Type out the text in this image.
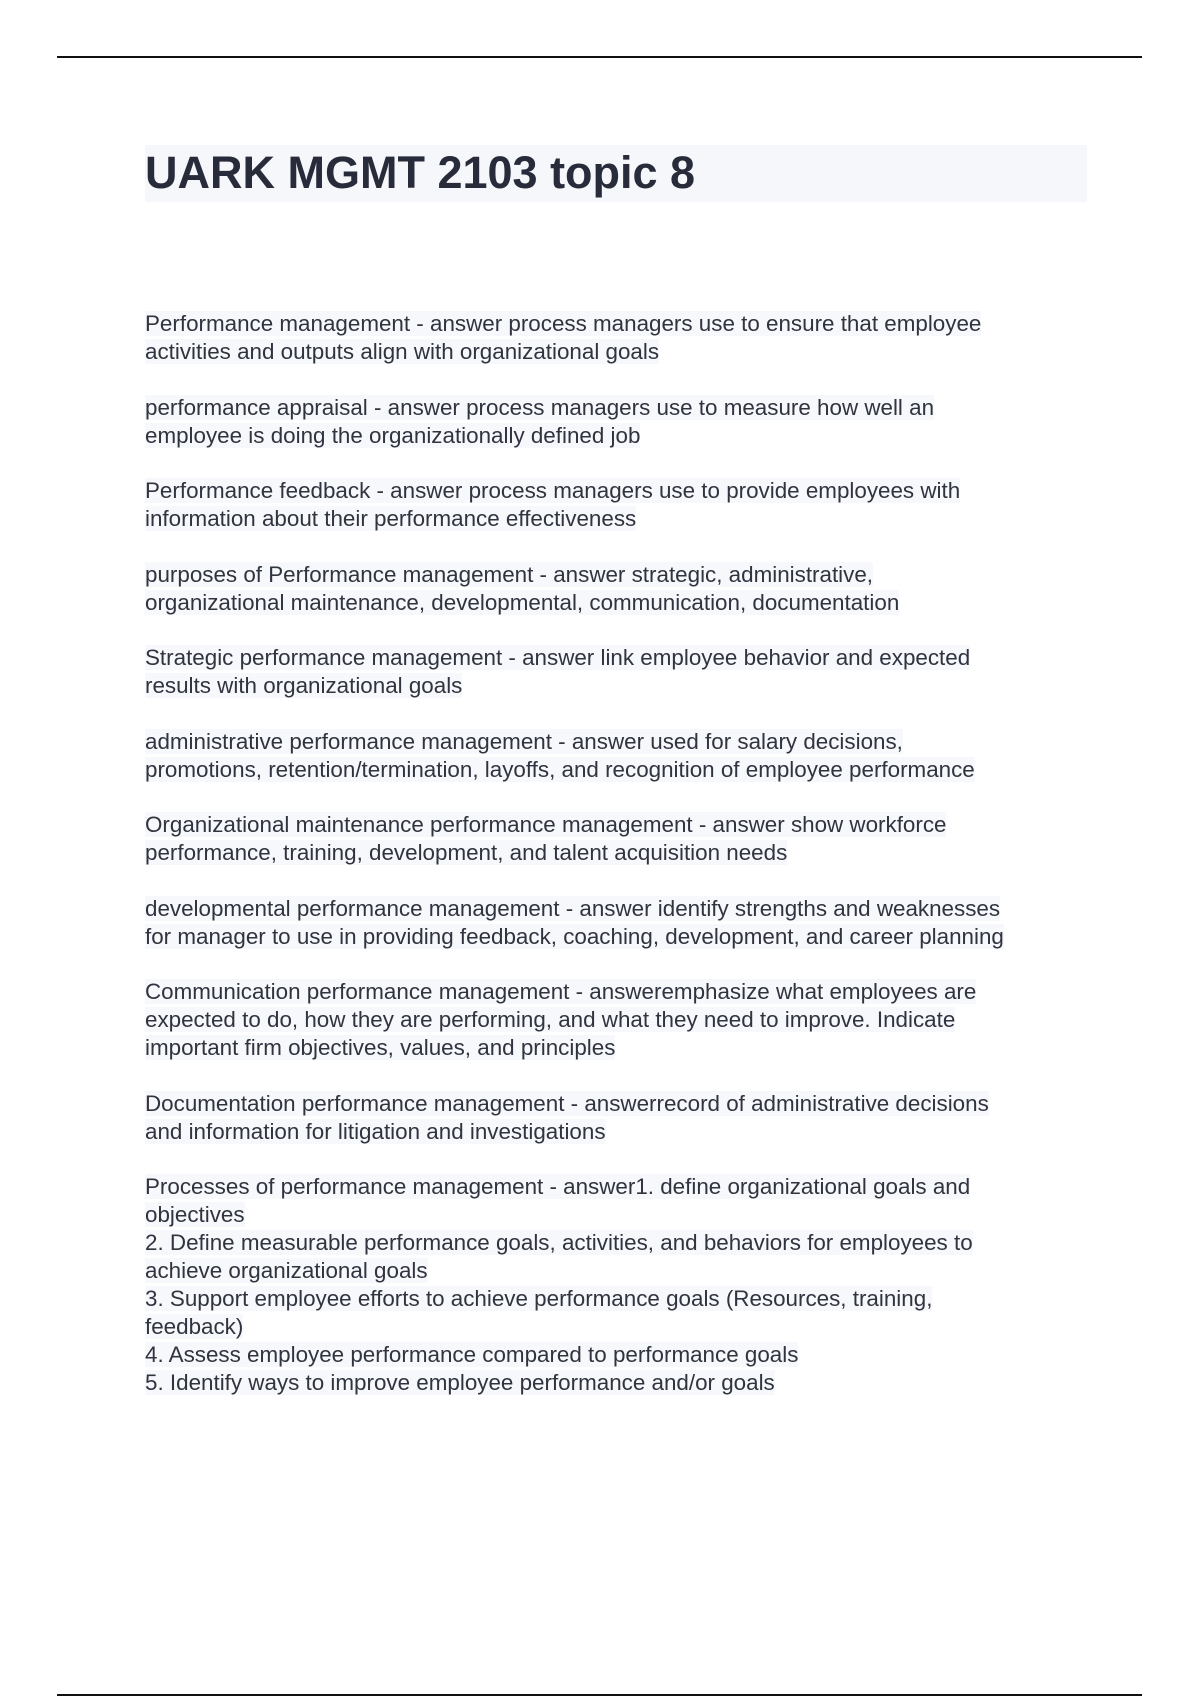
UARK MGMT 2103 topic 8

Performance management - answer process managers use to ensure that employee
activities and outputs align with organizational goals

performance appraisal - answer process managers use to measure how well an
employee is doing the organizationally defined job

Performance feedback - answer process managers use to provide employees with
information about their performance effectiveness

purposes of Performance management - answer strategic, administrative,
organizational maintenance, developmental, communication, documentation

Strategic performance management - answer link employee behavior and expected
results with organizational goals

administrative performance management - answer used for salary decisions,
promotions, retention/termination, layoffs, and recognition of employee performance

Organizational maintenance performance management - answer show workforce
performance, training, development, and talent acquisition needs

developmental performance management - answer identify strengths and weaknesses
for manager to use in providing feedback, coaching, development, and career planning

Communication performance management - answeremphasize what employees are
expected to do, how they are performing, and what they need to improve. Indicate
important firm objectives, values, and principles

Documentation performance management - answerrecord of administrative decisions
and information for litigation and investigations

Processes of performance management - answer1. define organizational goals and
objectives
2. Define measurable performance goals, activities, and behaviors for employees to
achieve organizational goals
3. Support employee efforts to achieve performance goals (Resources, training,
feedback)
4. Assess employee performance compared to performance goals
5. Identify ways to improve employee performance and/or goals
